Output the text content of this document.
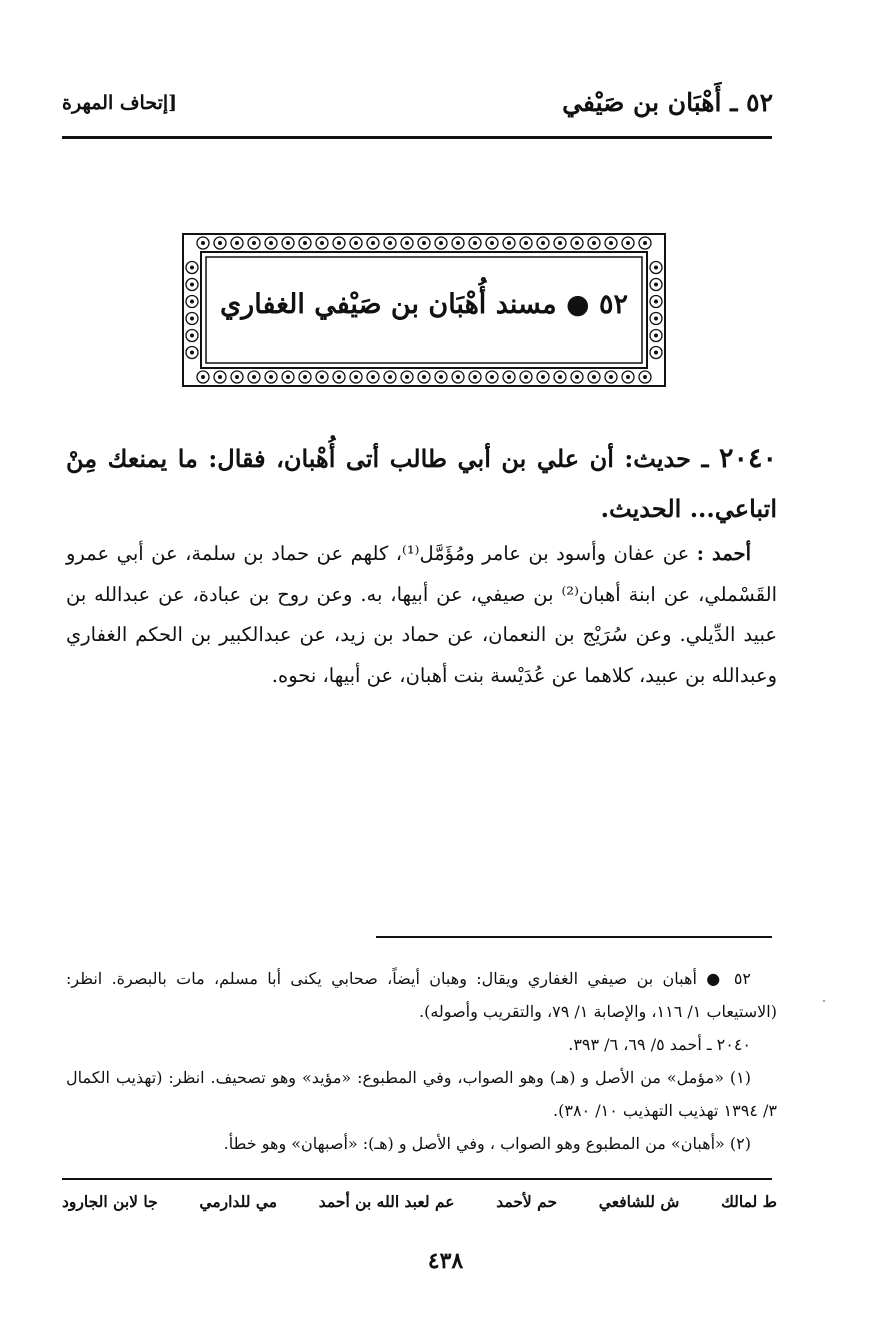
٥٢ ـ أَهْبَان بن صَيْفي
[إتحاف المهرة
٥٢ ● مسند أُهْبَان بن صَيْفي الغفاري
٢٠٤٠ ـ حديث: أن علي بن أبي طالب أتى أُهْبان، فقال: ما يمنعك مِنْ اتباعي... الحديث.
أحمد : عن عفان وأسود بن عامر ومُؤَمَّل⁽¹⁾، كلهم عن حماد بن سلمة، عن أبي عمرو القَسْملي، عن ابنة أهبان⁽²⁾ بن صيفي، عن أبيها، به. وعن روح بن عبادة، عن عبدالله بن عبيد الدِّيلي. وعن سُرَيْج بن النعمان، عن حماد بن زيد، عن عبدالكبير بن الحكم الغفاري وعبدالله بن عبيد، كلاهما عن عُدَيْسة بنت أهبان، عن أبيها، نحوه.

٥٢ ● أهبان بن صيفي الغفاري ويقال: وهبان أيضاً، صحابي يكنى أبا مسلم، مات بالبصرة. انظر: (الاستيعاب ١/ ١١٦، والإصابة ١/ ٧٩، والتقريب وأصوله).

٢٠٤٠ ـ أحمد ٥/ ٦٩، ٦/ ٣٩٣.

(١) «مؤمل» من الأصل و (هـ) وهو الصواب، وفي المطبوع: «مؤيد» وهو تصحيف. انظر: (تهذيب الكمال ٣/ ١٣٩٤ تهذيب التهذيب ١٠/ ٣٨٠).

(٢) «أهبان» من المطبوع وهو الصواب ، وفي الأصل و (هـ): «أصبهان» وهو خطأ.

ط لمالك
ش للشافعي
حم لأحمد
عم لعبد الله بن أحمد
مي للدارمي
جا لابن الجارود
٤٣٨
